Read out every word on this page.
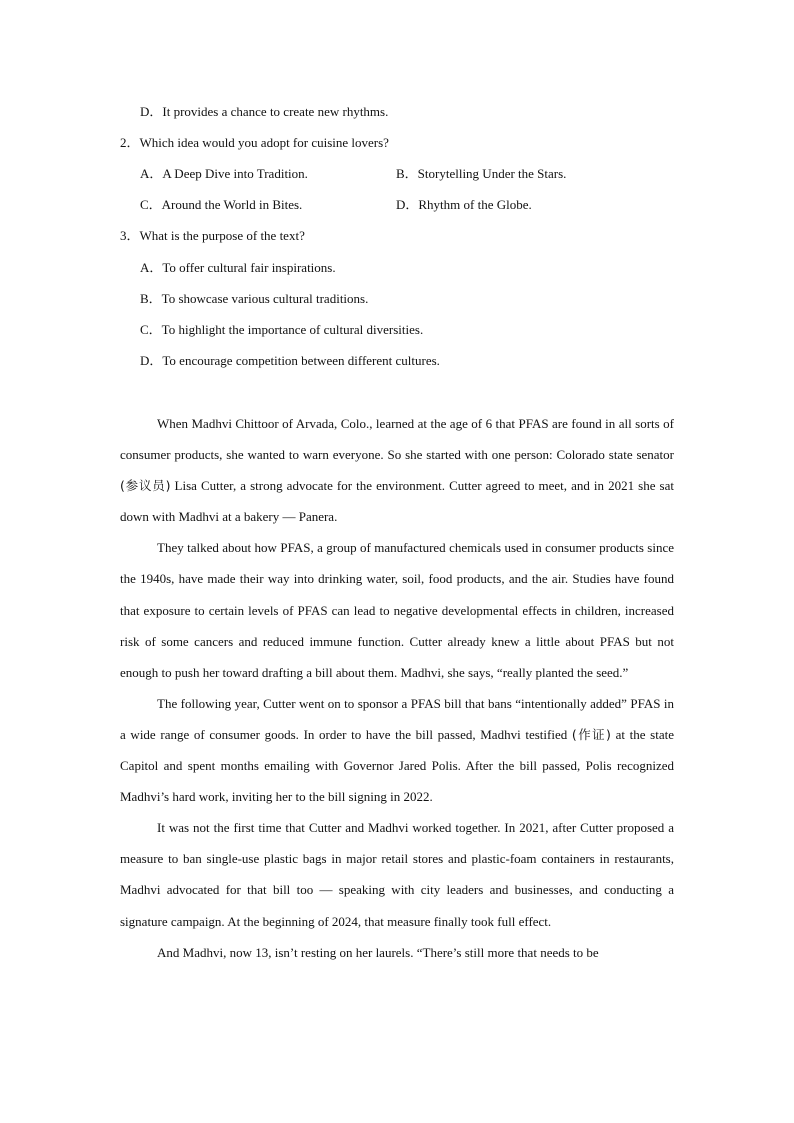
D．It provides a chance to create new rhythms.
2．Which idea would you adopt for cuisine lovers?
A．A Deep Dive into Tradition.	B．Storytelling Under the Stars.
C．Around the World in Bites.	D．Rhythm of the Globe.
3．What is the purpose of the text?
A．To offer cultural fair inspirations.
B．To showcase various cultural traditions.
C．To highlight the importance of cultural diversities.
D．To encourage competition between different cultures.

When Madhvi Chittoor of Arvada, Colo., learned at the age of 6 that PFAS are found in all sorts of consumer products, she wanted to warn everyone. So she started with one person: Colorado state senator (参议员) Lisa Cutter, a strong advocate for the environment. Cutter agreed to meet, and in 2021 she sat down with Madhvi at a bakery — Panera.

They talked about how PFAS, a group of manufactured chemicals used in consumer products since the 1940s, have made their way into drinking water, soil, food products, and the air. Studies have found that exposure to certain levels of PFAS can lead to negative developmental effects in children, increased risk of some cancers and reduced immune function. Cutter already knew a little about PFAS but not enough to push her toward drafting a bill about them. Madhvi, she says, “really planted the seed.”

The following year, Cutter went on to sponsor a PFAS bill that bans “intentionally added” PFAS in a wide range of consumer goods. In order to have the bill passed, Madhvi testified (作证) at the state Capitol and spent months emailing with Governor Jared Polis. After the bill passed, Polis recognized Madhvi’s hard work, inviting her to the bill signing in 2022.

It was not the first time that Cutter and Madhvi worked together. In 2021, after Cutter proposed a measure to ban single-use plastic bags in major retail stores and plastic-foam containers in restaurants, Madhvi advocated for that bill too — speaking with city leaders and businesses, and conducting a signature campaign. At the beginning of 2024, that measure finally took full effect.

And Madhvi, now 13, isn’t resting on her laurels. “There’s still more that needs to be
